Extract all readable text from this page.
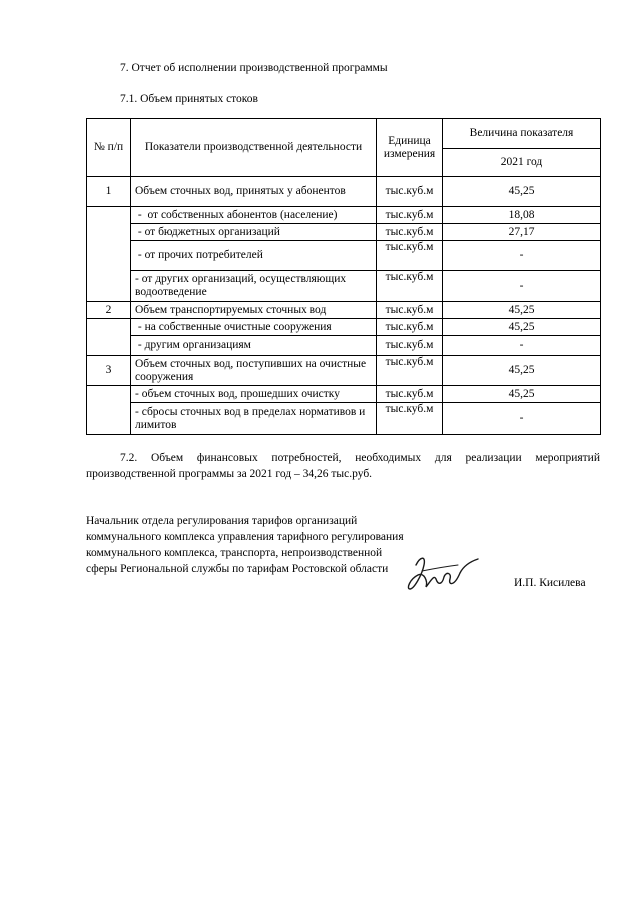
7. Отчет об исполнении производственной программы
7.1. Объем принятых стоков
№ п/п	Показатели производственной деятельности	Единица измерения	Величина показателя
			2021 год
1	Объем сточных вод, принятых у абонентов	тыс.куб.м	45,25
	-  от собственных абонентов (население)	тыс.куб.м	18,08
	- от бюджетных организаций	тыс.куб.м	27,17
	- от прочих потребителей	тыс.куб.м	-
	- от других организаций, осуществляющих водоотведение	тыс.куб.м	-
2	Объем транспортируемых сточных вод	тыс.куб.м	45,25
	- на собственные очистные сооружения	тыс.куб.м	45,25
	- другим организациям	тыс.куб.м	-
3	Объем сточных вод, поступивших на очистные сооружения	тыс.куб.м	45,25
	- объем сточных вод, прошедших очистку	тыс.куб.м	45,25
	- сбросы сточных вод в пределах нормативов и лимитов	тыс.куб.м	-
7.2. Объем финансовых потребностей, необходимых для реализации мероприятий производственной программы за 2021 год – 34,26 тыс.руб.
Начальник отдела регулирования тарифов организаций коммунального комплекса управления тарифного регулирования коммунального комплекса, транспорта, непроизводственной сферы Региональной службы по тарифам Ростовской области
И.П. Кисилева
